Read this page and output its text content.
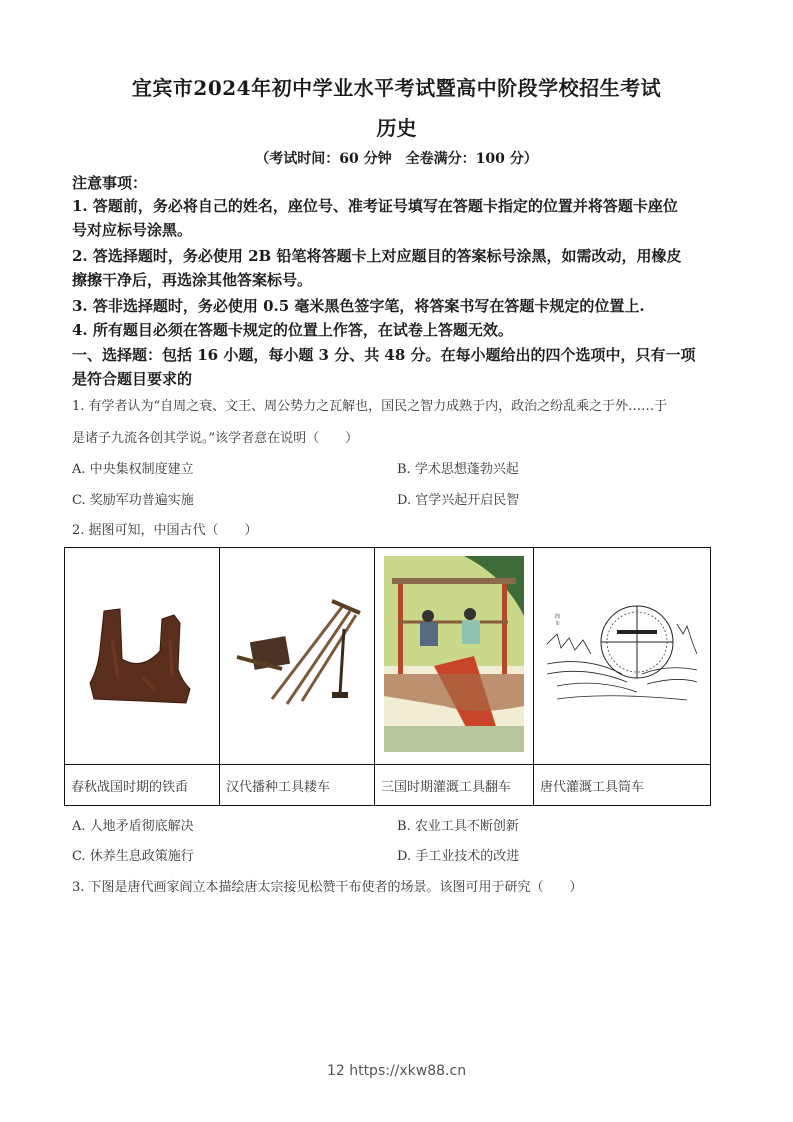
宜宾市2024年初中学业水平考试暨高中阶段学校招生考试
历史
（考试时间：60 分钟　全卷满分：100 分）
注意事项：
1. 答题前，务必将自己的姓名，座位号、准考证号填写在答题卡指定的位置并将答题卡座位
号对应标号涂黑。
2. 答选择题时，务必使用 2B 铅笔将答题卡上对应题目的答案标号涂黑，如需改动，用橡皮
擦擦干净后，再选涂其他答案标号。
3. 答非选择题时，务必使用 0.5 毫米黑色签字笔，将答案书写在答题卡规定的位置上.
4. 所有题目必须在答题卡规定的位置上作答，在试卷上答题无效。
一、选择题：包括 16 小题，每小题 3 分、共 48 分。在每小题给出的四个选项中，只有一项
是符合题目要求的
1. 有学者认为“自周之衰、文王、周公势力之瓦解也，国民之智力成熟于内，政治之纷乱乘之于外……于
是诸子九流各创其学说。”该学者意在说明（　　）
A. 中央集权制度建立	B. 学术思想蓬勃兴起
C. 奖励军功普遍实施	D. 官学兴起开启民智
2. 据图可知，中国古代（　　）

筒
车

春秋战国时期的铁臿	汉代播种工具耧车	三国时期灌溉工具翻车	唐代灌溉工具筒车
A. 人地矛盾彻底解决	B. 农业工具不断创新
C. 休养生息政策施行	D. 手工业技术的改进
3. 下图是唐代画家阎立本描绘唐太宗接见松赞干布使者的场景。该图可用于研究（　　）
12 https://xkw88.cn
